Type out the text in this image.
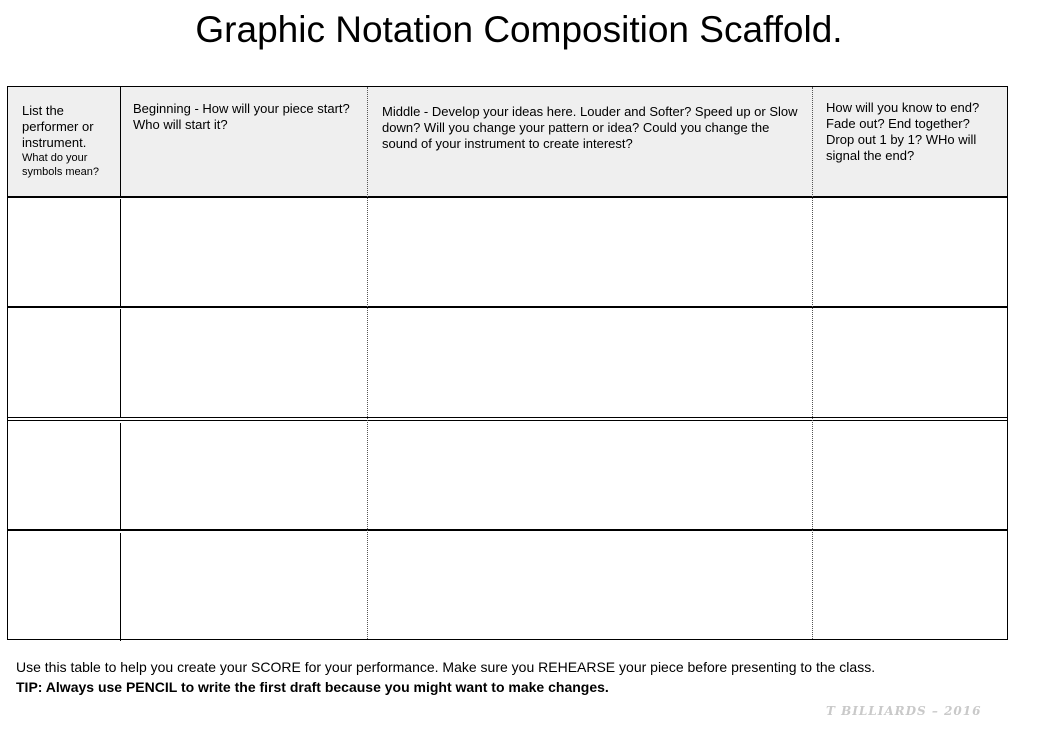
Graphic Notation Composition Scaffold.
List the performer or instrument.
What do your symbols mean?
Beginning - How will your piece start? Who will start it?
Middle - Develop your ideas here. Louder and Softer? Speed up or Slow down? Will you change your pattern or idea? Could you change the sound of your instrument to create interest?
How will you know to end? Fade out? End together? Drop out 1 by 1? WHo will signal the end?

Use this table to help you create your SCORE for your performance. Make sure you REHEARSE your piece before presenting to the class.

TIP: Always use PENCIL to write the first draft because you might want to make changes.

T BILLIARDS – 2016
